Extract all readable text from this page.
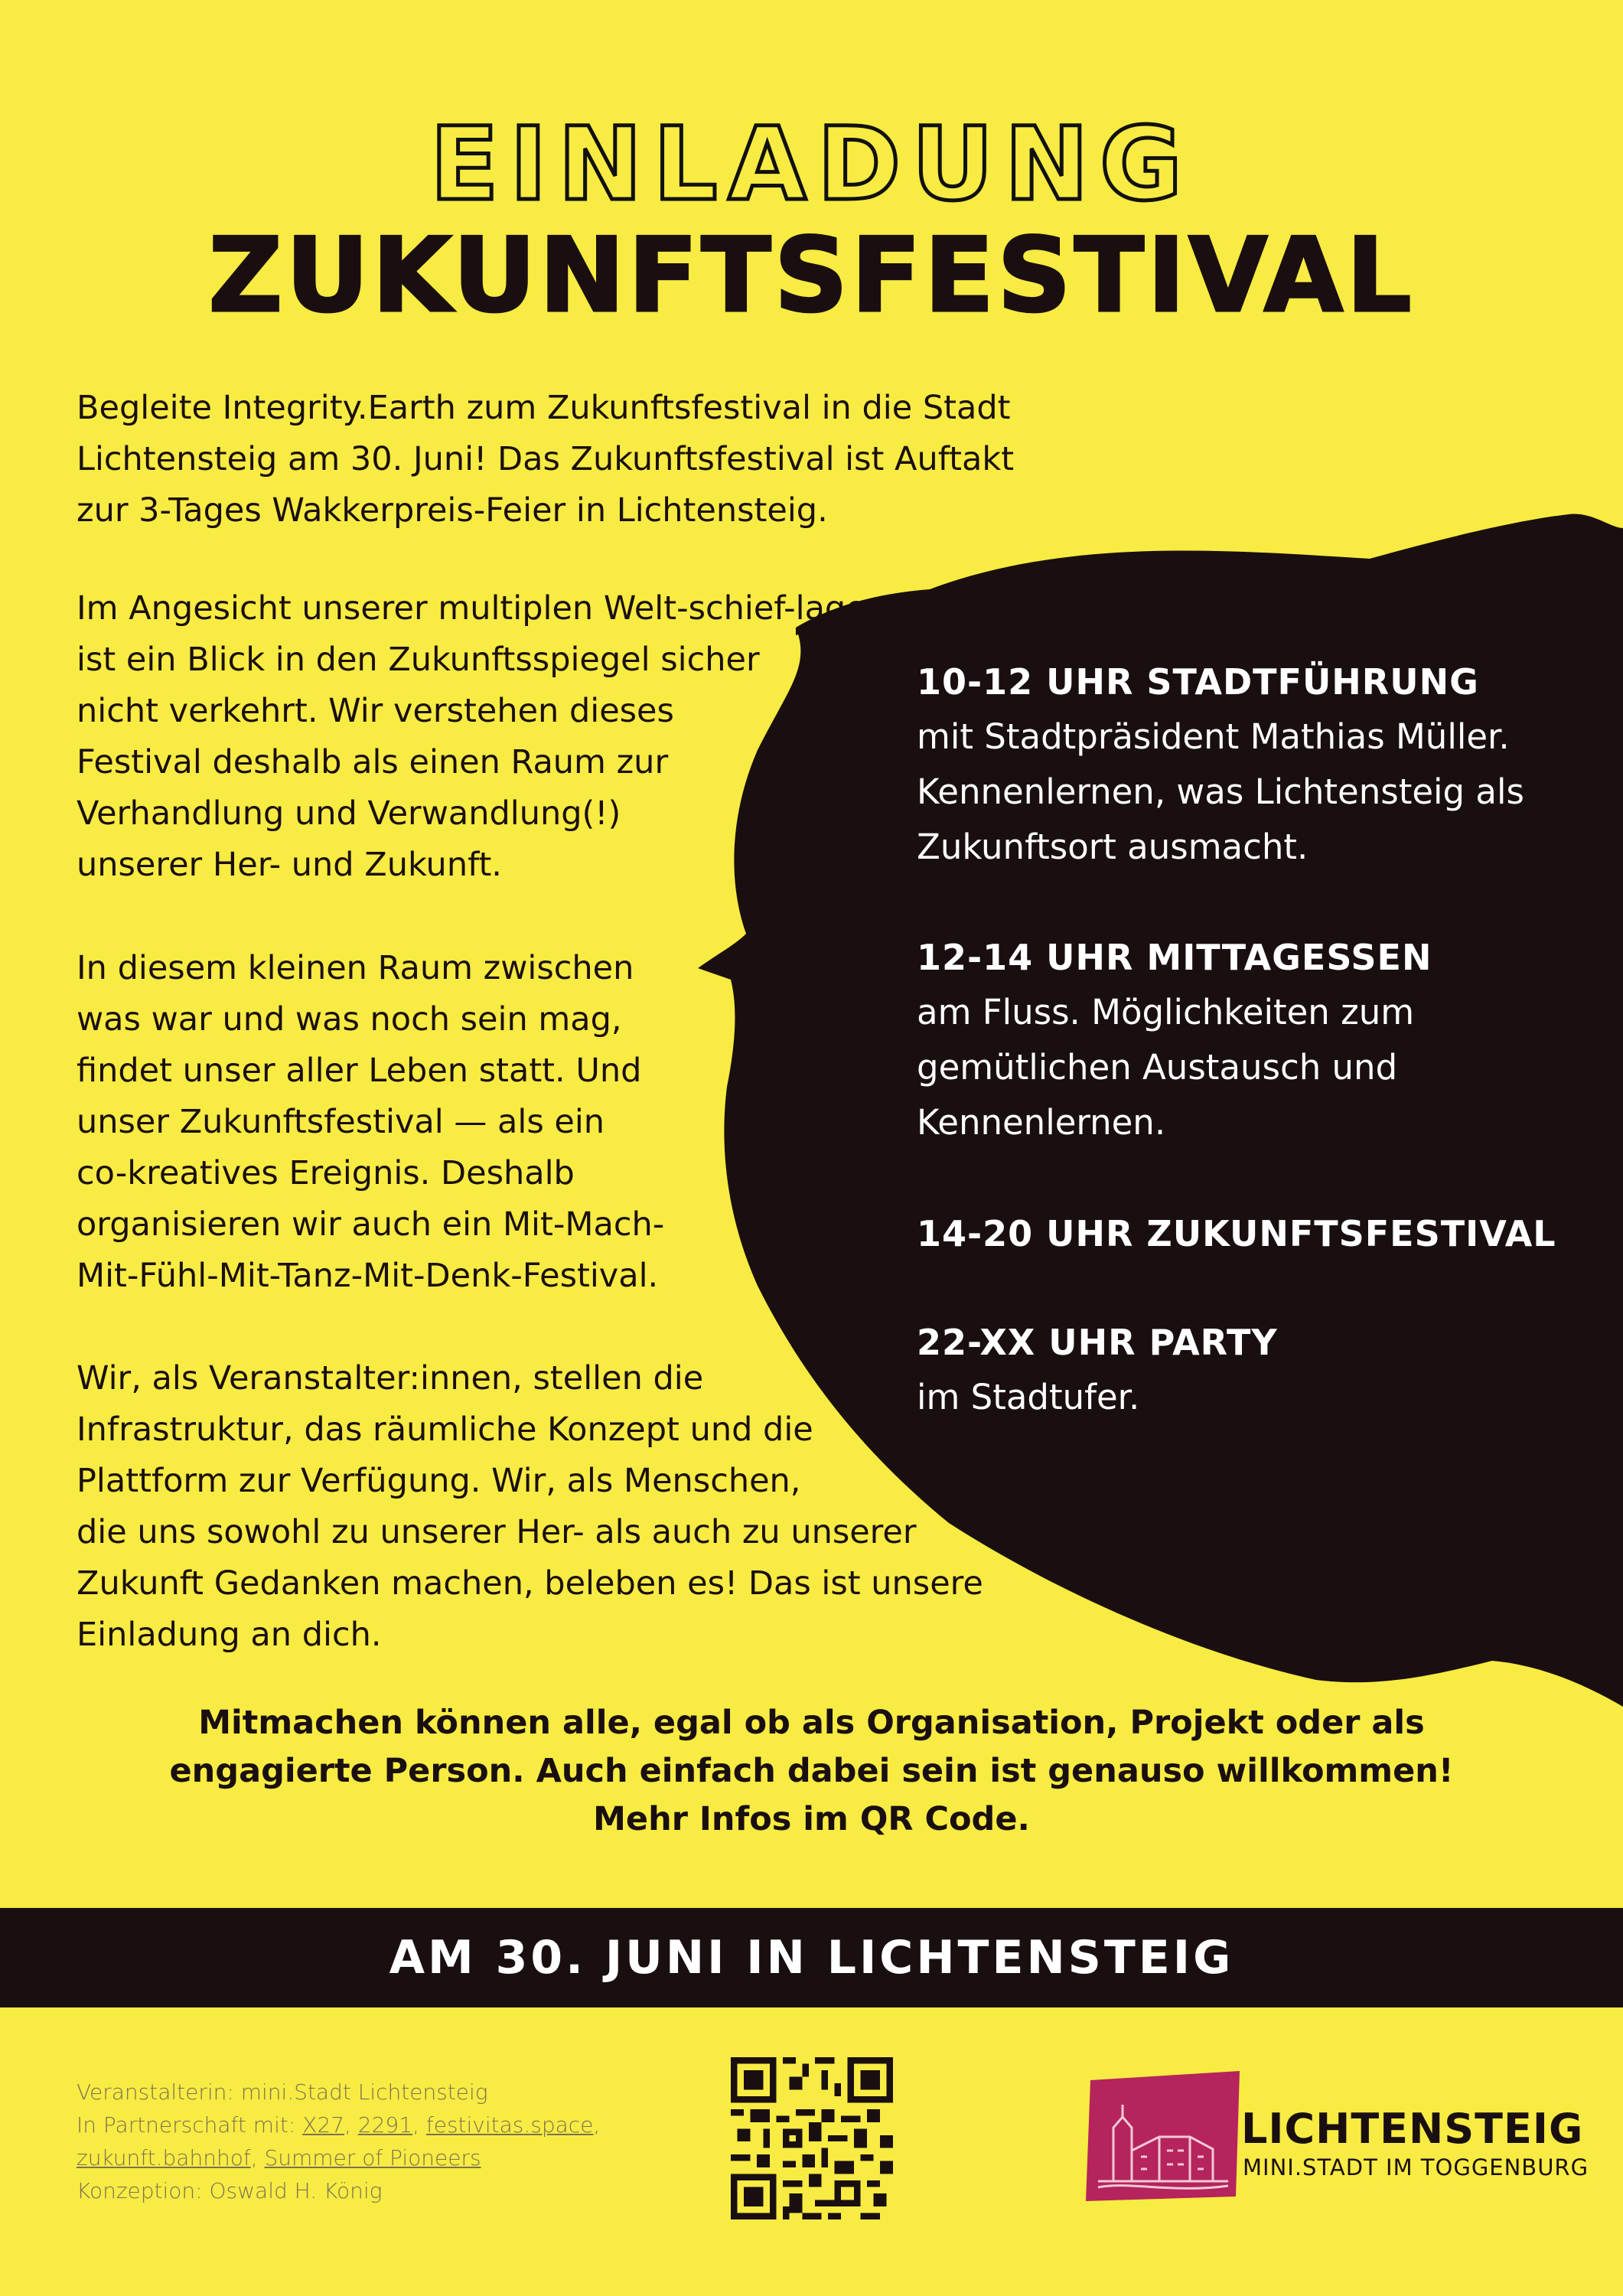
EINLADUNG
ZUKUNFTSFESTIVAL
Begleite Integrity.Earth zum Zukunftsfestival in die Stadt
Lichtensteig am 30. Juni! Das Zukunftsfestival ist Auftakt
zur 3-Tages Wakkerpreis-Feier in Lichtensteig.
Im Angesicht unserer multiplen Welt-schief-lage
ist ein Blick in den Zukunftsspiegel sicher
nicht verkehrt. Wir verstehen dieses
Festival deshalb als einen Raum zur
Verhandlung und Verwandlung(!)
unserer Her- und Zukunft.
In diesem kleinen Raum zwischen
was war und was noch sein mag,
findet unser aller Leben statt. Und
unser Zukunftsfestival — als ein
co-kreatives Ereignis. Deshalb
organisieren wir auch ein Mit-Mach-
Mit-Fühl-Mit-Tanz-Mit-Denk-Festival.
Wir, als Veranstalter:innen, stellen die
Infrastruktur, das räumliche Konzept und die
Plattform zur Verfügung. Wir, als Menschen,
die uns sowohl zu unserer Her- als auch zu unserer
Zukunft Gedanken machen, beleben es! Das ist unsere
Einladung an dich.
10-12 UHR STADTFÜHRUNG
mit Stadtpräsident Mathias Müller.
Kennenlernen, was Lichtensteig als
Zukunftsort ausmacht.
12-14 UHR MITTAGESSEN
am Fluss. Möglichkeiten zum
gemütlichen Austausch und
Kennenlernen.
14-20 UHR ZUKUNFTSFESTIVAL
22-XX UHR PARTY
im Stadtufer.
Mitmachen können alle, egal ob als Organisation, Projekt oder als
engagierte Person. Auch einfach dabei sein ist genauso willkommen!
Mehr Infos im QR Code.
AM 30. JUNI IN LICHTENSTEIG
Veranstalterin: mini.Stadt Lichtensteig
In Partnerschaft mit: X27, 2291, festivitas.space,
zukunft.bahnhof, Summer of Pioneers
Konzeption: Oswald H. König
LICHTENSTEIG
MINI.STADT IM TOGGENBURG
